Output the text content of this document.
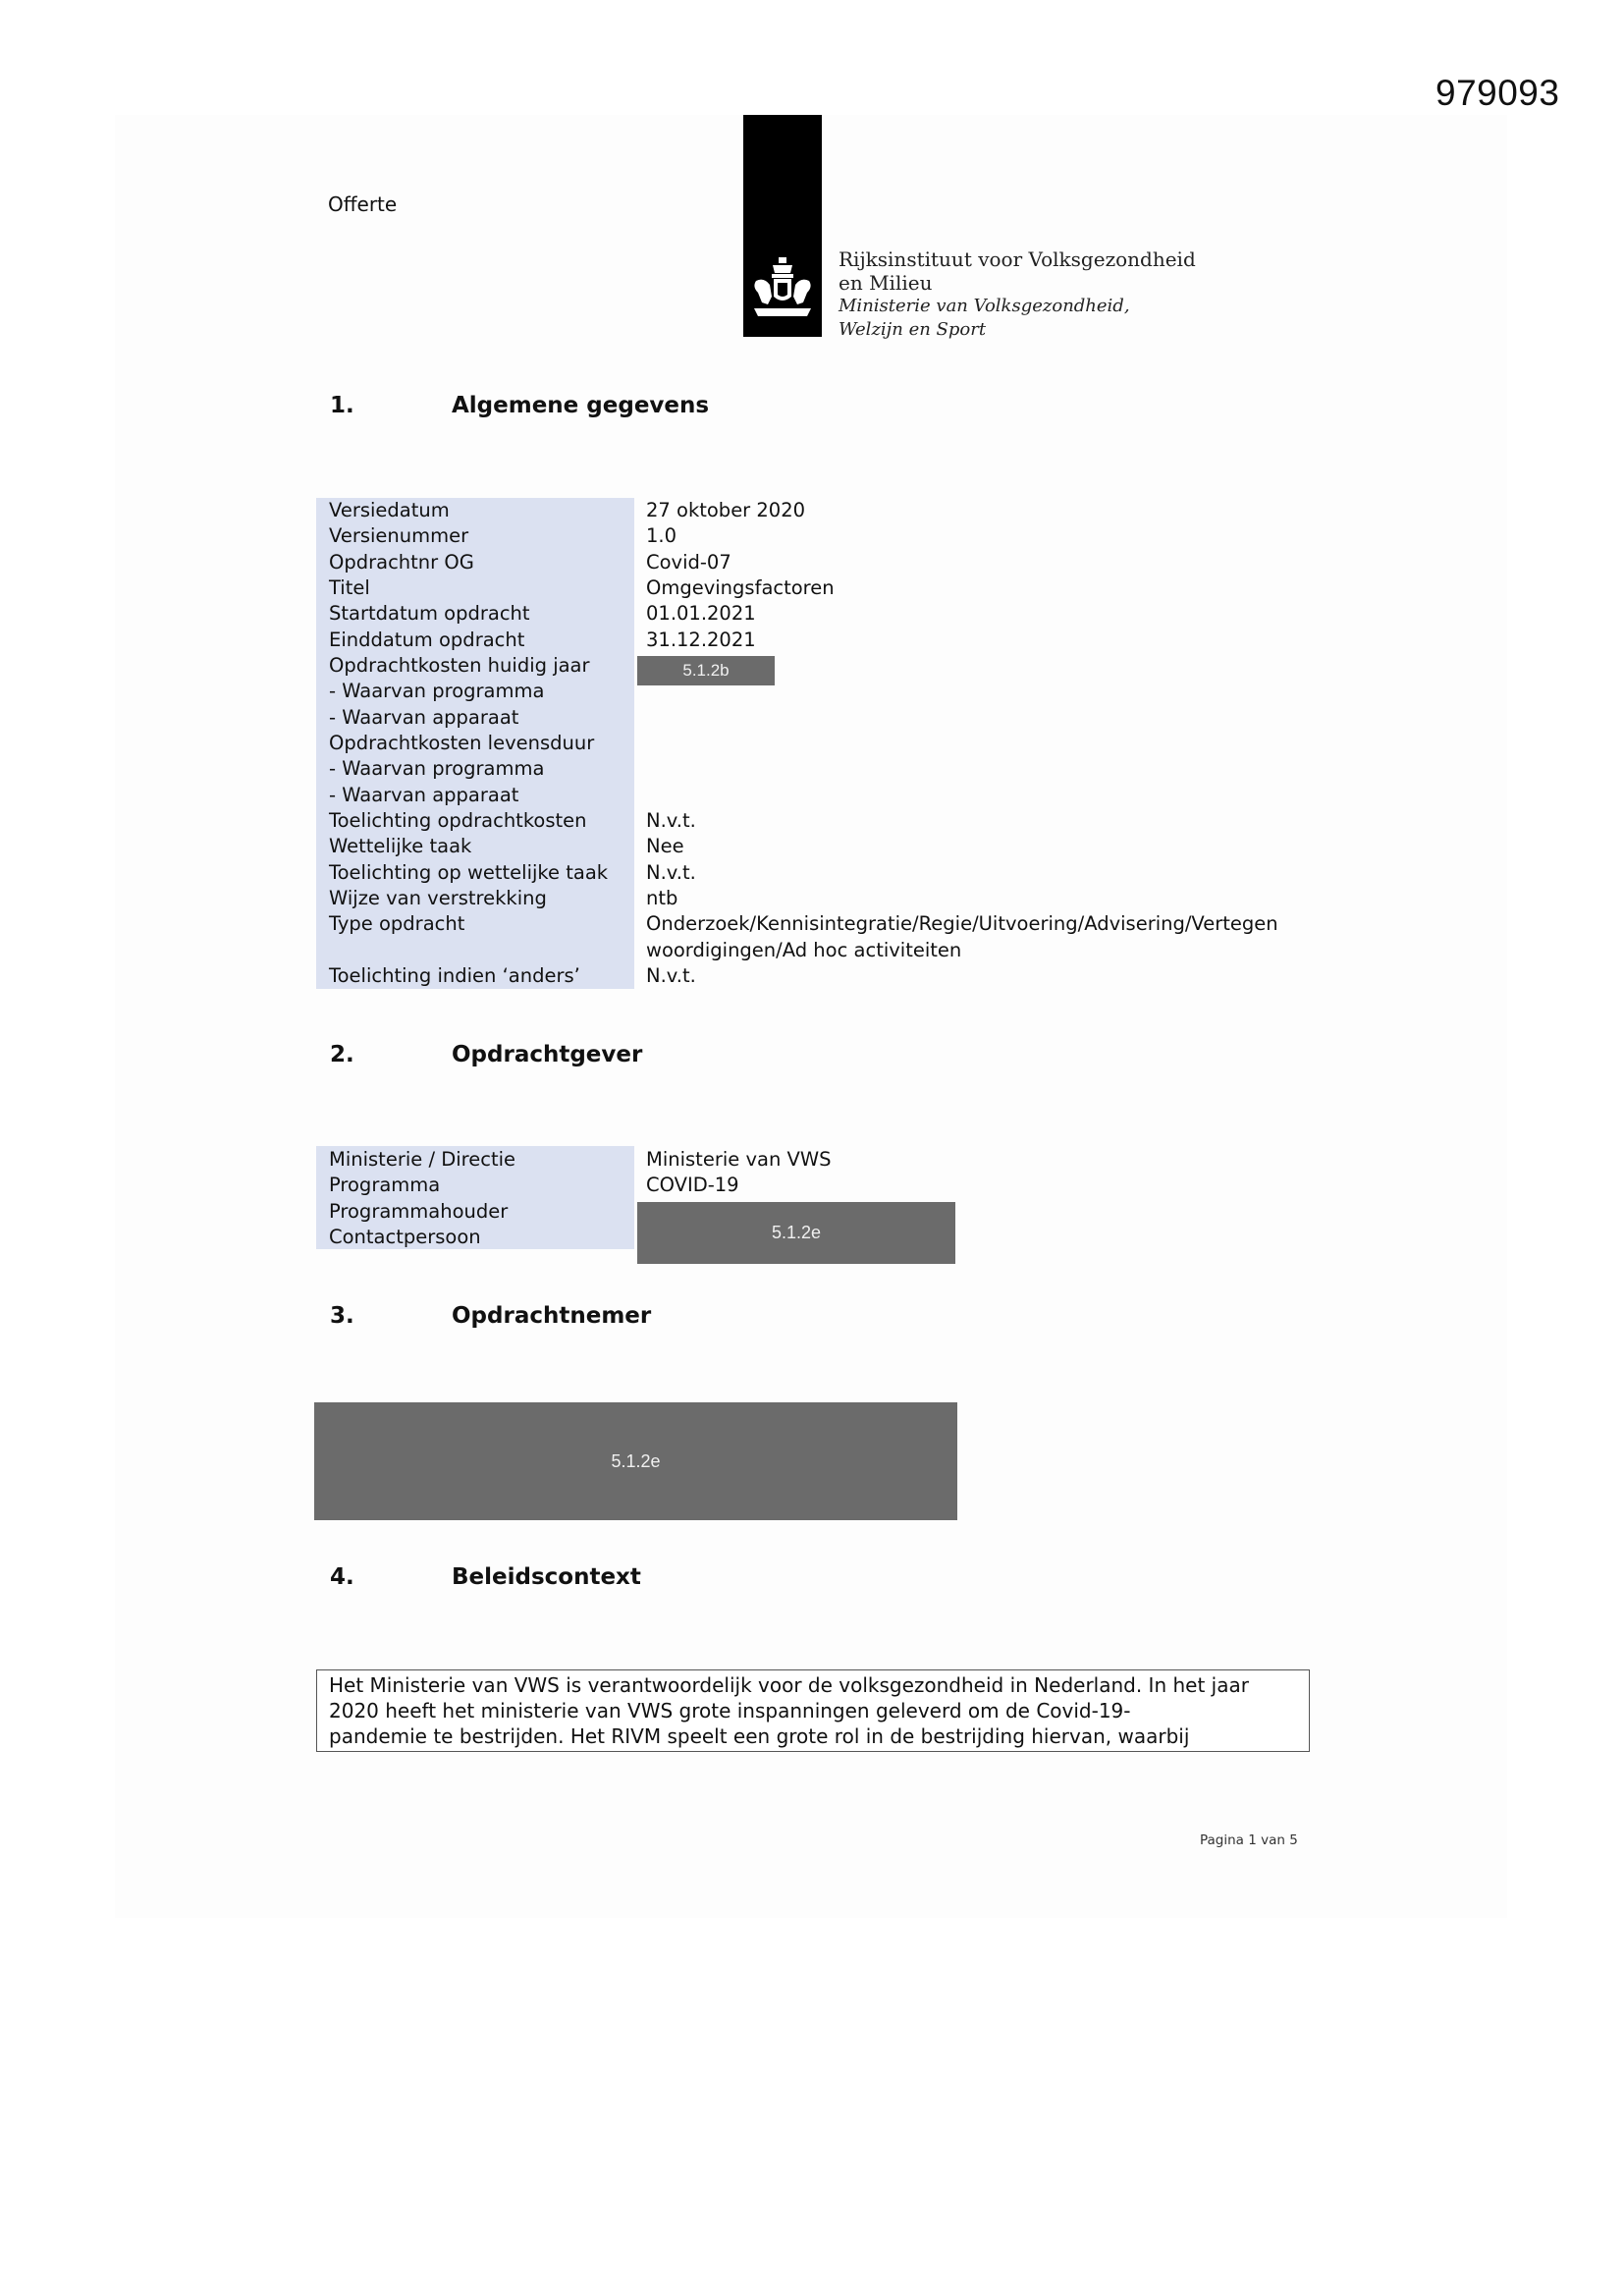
979093
Offerte
Rijksinstituut voor Volksgezondheid
en Milieu
Ministerie van Volksgezondheid,
Welzijn en Sport
1.	Algemene gegevens
5.1.2b
Versiedatum	27 oktober 2020
Versienummer	1.0
Opdrachtnr OG	Covid-07
Titel	Omgevingsfactoren
Startdatum opdracht	01.01.2021
Einddatum opdracht	31.12.2021
Opdrachtkosten huidig jaar
- Waarvan programma
- Waarvan apparaat
Opdrachtkosten levensduur
- Waarvan programma
- Waarvan apparaat
Toelichting opdrachtkosten	N.v.t.
Wettelijke taak	Nee
Toelichting op wettelijke taak N.v.t.
Wijze van verstrekking	ntb
Type opdracht	Onderzoek/Kennisintegratie/Regie/Uitvoering/Advisering/Vertegen
woordigingen/Ad hoc activiteiten
Toelichting indien ‘anders’	N.v.t.
2.	Opdrachtgever
5.1.2e
Ministerie / Directie	Ministerie van VWS
Programma	COVID-19
Programmahouder
Contactpersoon
3.	Opdrachtnemer
5.1.2e
4.	Beleidscontext
Het Ministerie van VWS is verantwoordelijk voor de volksgezondheid in Nederland. In het jaar
2020 heeft het ministerie van VWS grote inspanningen geleverd om de Covid-19-
pandemie te bestrijden. Het RIVM speelt een grote rol in de bestrijding hiervan, waarbij
Pagina 1 van 5
